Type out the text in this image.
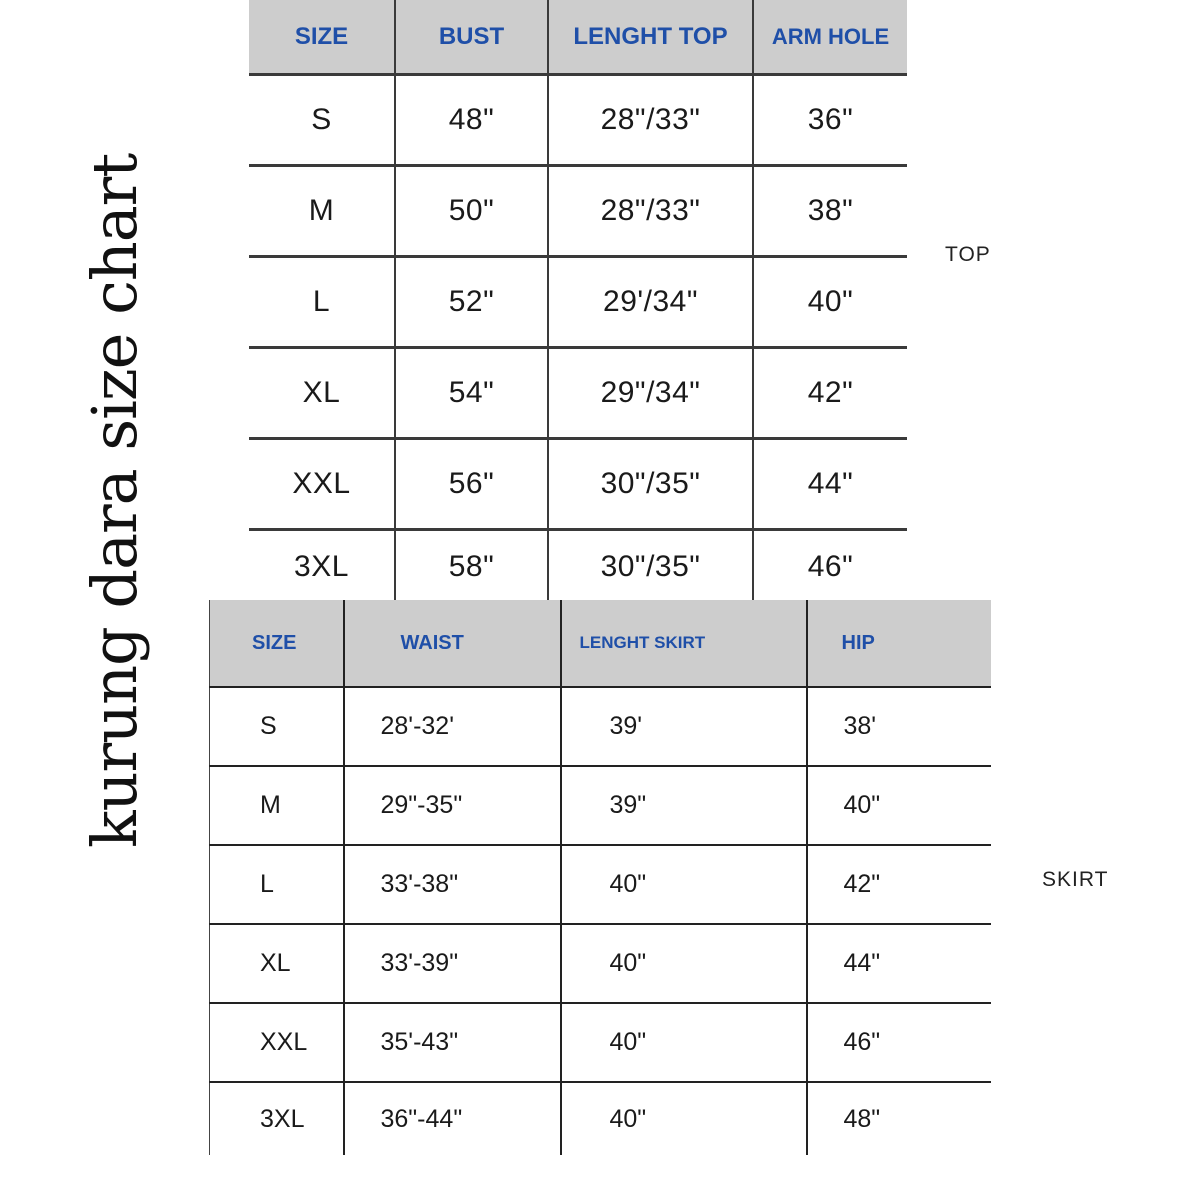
kurung dara size chart
SIZE	BUST	LENGHT TOP	ARM HOLE
S	48"	28"/33"	36"
M	50"	28"/33"	38"
L	52"	29'/34"	40"
XL	54"	29"/34"	42"
XXL	56"	30"/35"	44"
3XL	58"	30"/35"	46"
TOP
SIZE	WAIST	LENGHT SKIRT	HIP
S	28'-32'	39'	38'
M	29"-35"	39"	40"
L	33'-38"	40"	42"
XL	33'-39"	40"	44"
XXL	35'-43"	40"	46"
3XL	36"-44"	40"	48"
SKIRT
